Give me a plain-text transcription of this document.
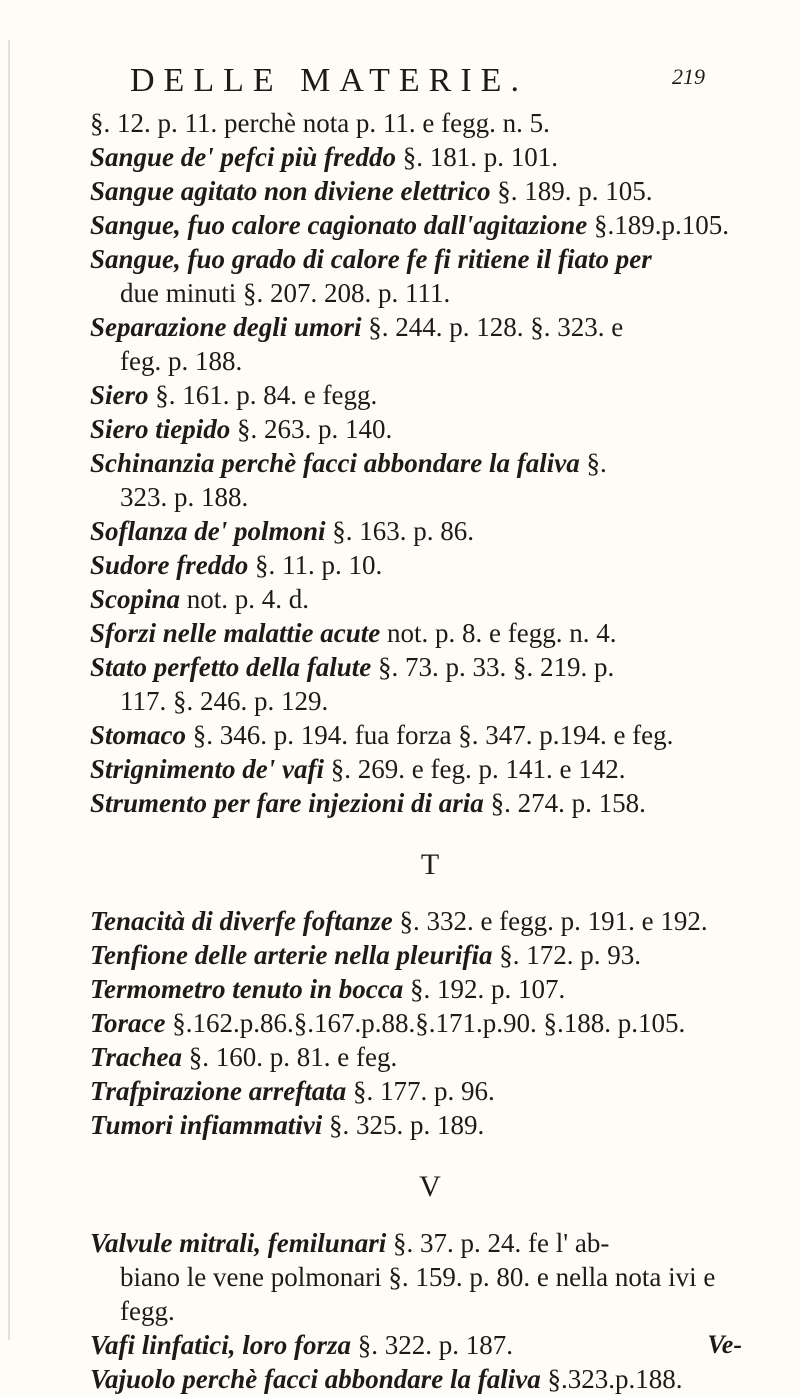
DELLE MATERIE.	219
§. 12. p. 11. perchè nota p. 11. e fegg. n. 5.
Sangue de' pefci più freddo §. 181. p. 101.
Sangue agitato non diviene elettrico §. 189. p. 105.
Sangue, fuo calore cagionato dall'agitazione §.189.p.105.
Sangue, fuo grado di calore fe fi ritiene il fiato per
due minuti §. 207. 208. p. 111.
Separazione degli umori §. 244. p. 128. §. 323. e
feg. p. 188.
Siero §. 161. p. 84. e fegg.
Siero tiepido §. 263. p. 140.
Schinanzia perchè facci abbondare la faliva §.
323. p. 188.
Soflanza de' polmoni §. 163. p. 86.
Sudore freddo §. 11. p. 10.
Scopina not. p. 4. d.
Sforzi nelle malattie acute not. p. 8. e fegg. n. 4.
Stato perfetto della falute §. 73. p. 33. §. 219. p.
117. §. 246. p. 129.
Stomaco §. 346. p. 194. fua forza §. 347. p.194. e feg.
Strignimento de' vafi §. 269. e feg. p. 141. e 142.
Strumento per fare injezioni di aria §. 274. p. 158.
T
Tenacità di diverfe foftanze §. 332. e fegg. p. 191. e 192.
Tenfione delle arterie nella pleurifia §. 172. p. 93.
Termometro tenuto in bocca §. 192. p. 107.
Torace §.162.p.86.§.167.p.88.§.171.p.90. §.188. p.105.
Trachea §. 160. p. 81. e feg.
Trafpirazione arreftata §. 177. p. 96.
Tumori infiammativi §. 325. p. 189.
V
Valvule mitrali, femilunari §. 37. p. 24. fe l' ab-
biano le vene polmonari §. 159. p. 80. e nella nota ivi e fegg.
Vafi linfatici, loro forza §. 322. p. 187.
Vajuolo perchè facci abbondare la faliva §.323.p.188.
Ve-
